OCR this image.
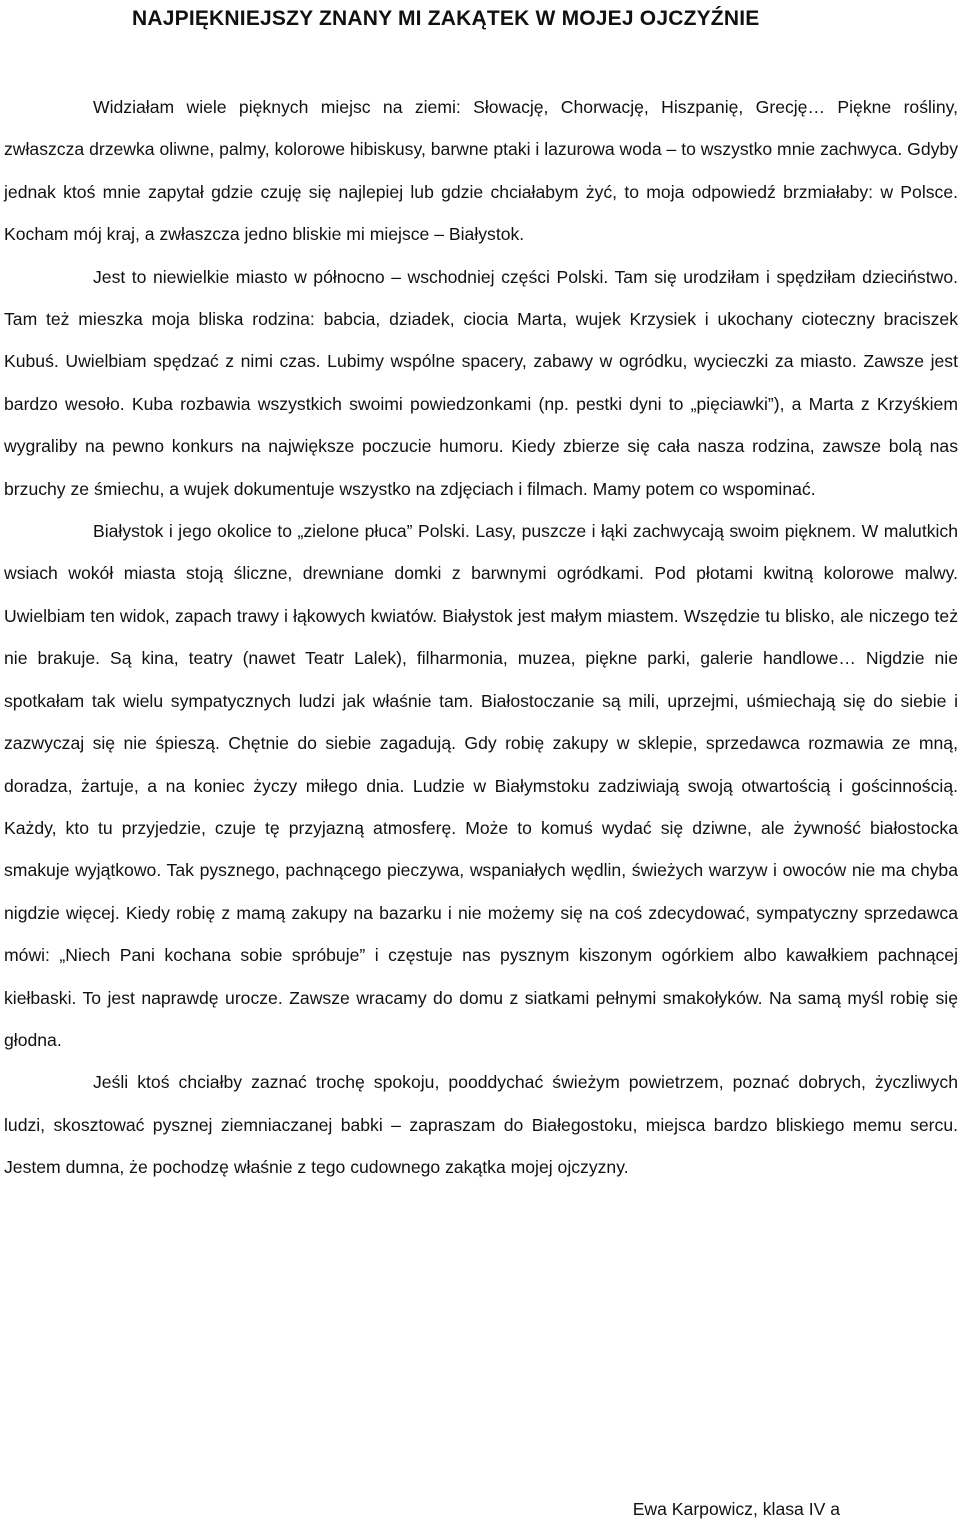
NAJPIĘKNIEJSZY ZNANY MI ZAKĄTEK W MOJEJ OJCZYŹNIE

Widziałam wiele pięknych miejsc na ziemi: Słowację, Chorwację, Hiszpanię, Grecję… Piękne rośliny, zwłaszcza drzewka oliwne, palmy, kolorowe hibiskusy, barwne ptaki i lazurowa woda – to wszystko mnie zachwyca. Gdyby jednak ktoś mnie zapytał gdzie czuję się najlepiej lub gdzie chciałabym żyć, to moja odpowiedź brzmiałaby: w Polsce. Kocham mój kraj, a zwłaszcza jedno bliskie mi miejsce – Białystok.

Jest to niewielkie miasto w północno – wschodniej części Polski. Tam się urodziłam i spędziłam dzieciństwo. Tam też mieszka moja bliska rodzina: babcia, dziadek, ciocia Marta, wujek Krzysiek i ukochany cioteczny braciszek Kubuś. Uwielbiam spędzać z nimi czas. Lubimy wspólne spacery, zabawy w ogródku, wycieczki za miasto. Zawsze jest bardzo wesoło. Kuba rozbawia wszystkich swoimi powiedzonkami (np. pestki dyni to „pięciawki”), a Marta z Krzyśkiem wygraliby na pewno konkurs na największe poczucie humoru. Kiedy zbierze się cała nasza rodzina, zawsze bolą nas brzuchy ze śmiechu, a wujek dokumentuje wszystko na zdjęciach i filmach. Mamy potem co wspominać.

Białystok i jego okolice to „zielone płuca” Polski. Lasy, puszcze i łąki zachwycają swoim pięknem. W malutkich wsiach wokół miasta stoją śliczne, drewniane domki z barwnymi ogródkami. Pod płotami kwitną kolorowe malwy. Uwielbiam ten widok, zapach trawy i łąkowych kwiatów. Białystok jest małym miastem. Wszędzie tu blisko, ale niczego też nie brakuje. Są kina, teatry (nawet Teatr Lalek), filharmonia, muzea, piękne parki, galerie handlowe… Nigdzie nie spotkałam tak wielu sympatycznych ludzi jak właśnie tam. Białostoczanie są mili, uprzejmi, uśmiechają się do siebie i zazwyczaj się nie śpieszą. Chętnie do siebie zagadują. Gdy robię zakupy w sklepie, sprzedawca rozmawia ze mną, doradza, żartuje, a na koniec życzy miłego dnia. Ludzie w Białymstoku zadziwiają swoją otwartością i gościnnością. Każdy, kto tu przyjedzie, czuje tę przyjazną atmosferę. Może to komuś wydać się dziwne, ale żywność białostocka smakuje wyjątkowo. Tak pysznego, pachnącego pieczywa, wspaniałych wędlin, świeżych warzyw i owoców nie ma chyba nigdzie więcej. Kiedy robię z mamą zakupy na bazarku i nie możemy się na coś zdecydować, sympatyczny sprzedawca mówi: „Niech Pani kochana sobie spróbuje” i częstuje nas pysznym kiszonym ogórkiem albo kawałkiem pachnącej kiełbaski. To jest naprawdę urocze. Zawsze wracamy do domu z siatkami pełnymi smakołyków. Na samą myśl robię się głodna.

Jeśli ktoś chciałby zaznać trochę spokoju, pooddychać świeżym powietrzem, poznać dobrych, życzliwych ludzi, skosztować pysznej ziemniaczanej babki – zapraszam do Białegostoku, miejsca bardzo bliskiego memu sercu. Jestem dumna, że pochodzę właśnie z tego cudownego zakątka mojej ojczyzny.

Ewa Karpowicz, klasa IV a
